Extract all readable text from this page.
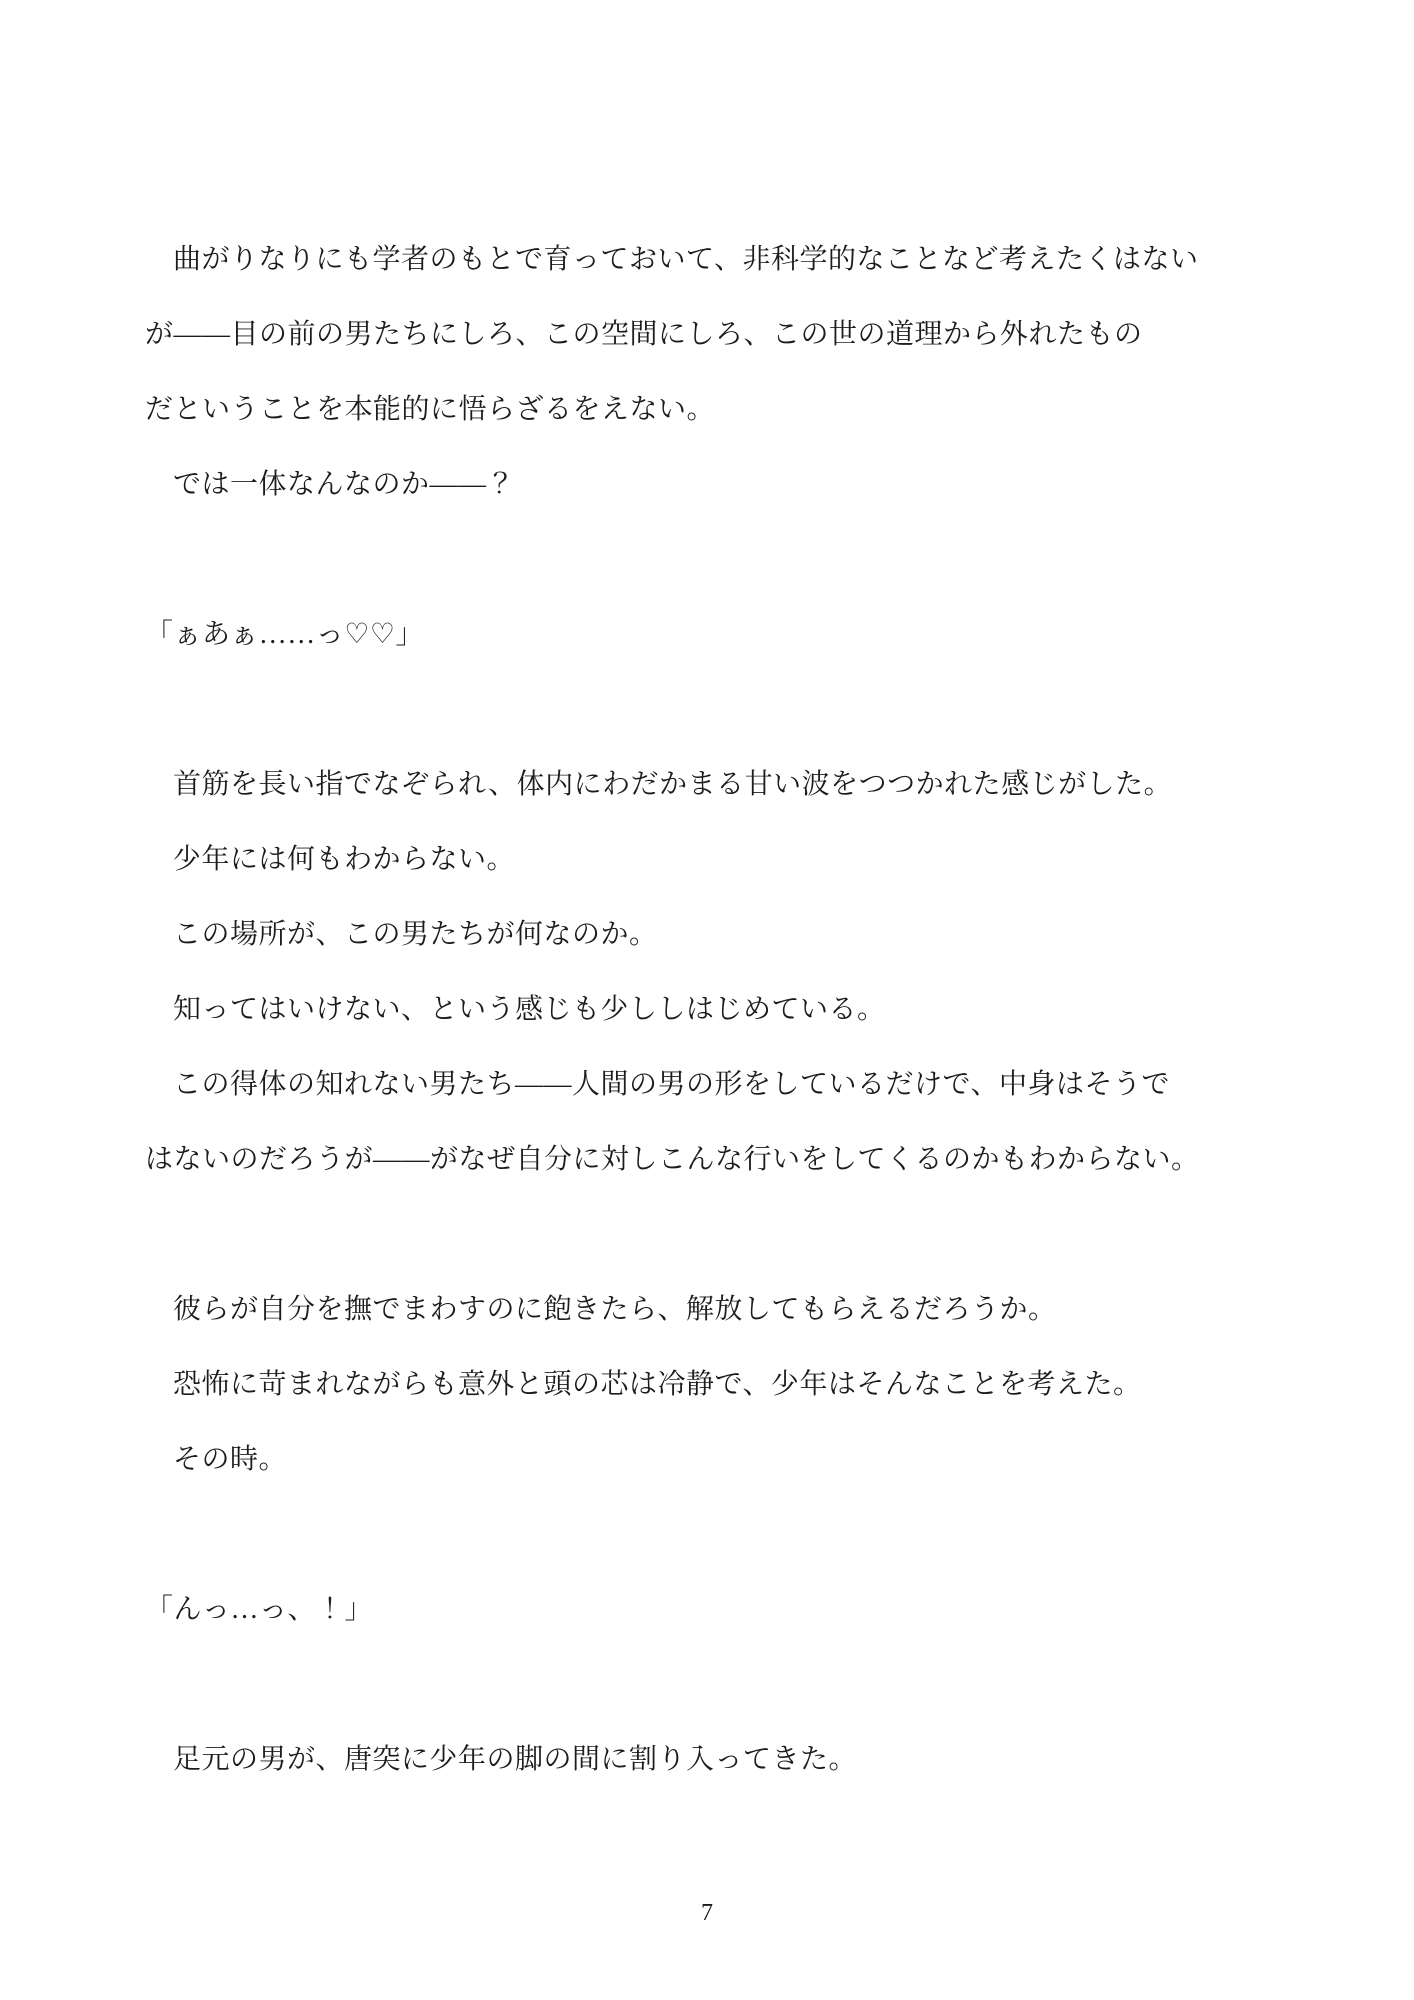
曲がりなりにも学者のもとで育っておいて、非科学的なことなど考えたくはない
が――目の前の男たちにしろ、この空間にしろ、この世の道理から外れたもの
だということを本能的に悟らざるをえない。
では一体なんなのか――？
「ぁあぁ……っ♡♡」
首筋を長い指でなぞられ、体内にわだかまる甘い波をつつかれた感じがした。
少年には何もわからない。
この場所が、この男たちが何なのか。
知ってはいけない、という感じも少ししはじめている。
この得体の知れない男たち――人間の男の形をしているだけで、中身はそうで
はないのだろうが――がなぜ自分に対しこんな行いをしてくるのかもわからない。
彼らが自分を撫でまわすのに飽きたら、解放してもらえるだろうか。
恐怖に苛まれながらも意外と頭の芯は冷静で、少年はそんなことを考えた。
その時。
「んっ…っ、！」
足元の男が、唐突に少年の脚の間に割り入ってきた。
7
